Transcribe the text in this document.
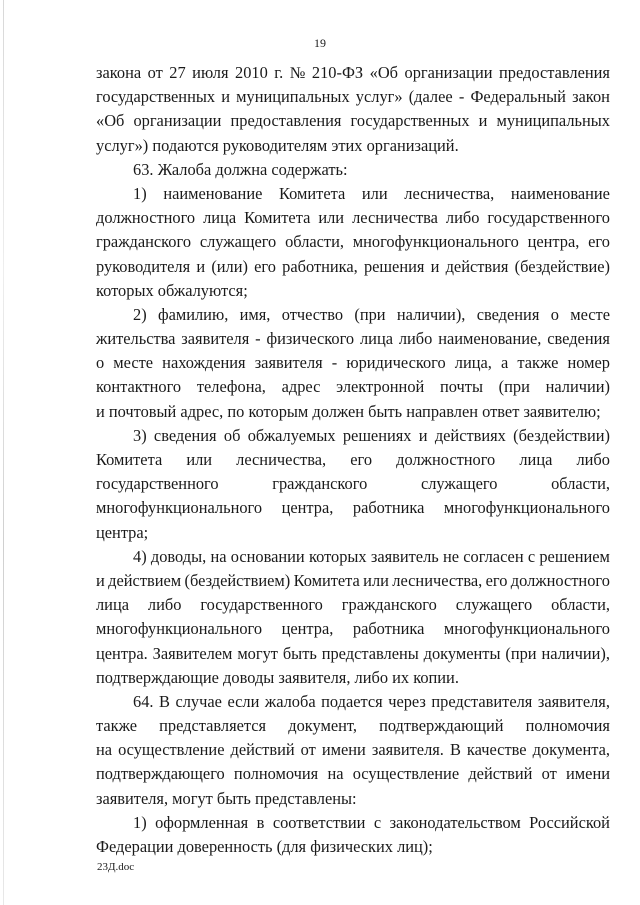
19
закона от 27 июля 2010 г. № 210-ФЗ «Об организации предоставления
государственных и муниципальных услуг» (далее - Федеральный закон
«Об организации предоставления государственных и муниципальных
услуг») подаются руководителям этих организаций.
63. Жалоба должна содержать:
1) наименование Комитета или лесничества, наименование
должностного лица Комитета или лесничества либо государственного
гражданского служащего области, многофункционального центра, его
руководителя и (или) его работника, решения и действия (бездействие)
которых обжалуются;
2) фамилию, имя, отчество (при наличии), сведения о месте
жительства заявителя - физического лица либо наименование, сведения
о месте нахождения заявителя - юридического лица, а также номер
контактного телефона, адрес электронной почты (при наличии)
и почтовый адрес, по которым должен быть направлен ответ заявителю;
3) сведения об обжалуемых решениях и действиях (бездействии)
Комитета или лесничества, его должностного лица либо
государственного	гражданского	служащего	области,
многофункционального центра, работника многофункционального
центра;
4) доводы, на основании которых заявитель не согласен с решением
и действием (бездействием) Комитета или лесничества, его должностного
лица либо государственного гражданского служащего области,
многофункционального центра, работника многофункционального
центра. Заявителем могут быть представлены документы (при наличии),
подтверждающие доводы заявителя, либо их копии.
64. В случае если жалоба подается через представителя заявителя,
также представляется документ, подтверждающий полномочия
на осуществление действий от имени заявителя. В качестве документа,
подтверждающего полномочия на осуществление действий от имени
заявителя, могут быть представлены:
1) оформленная в соответствии с законодательством Российской
Федерации доверенность (для физических лиц);
23Д.doc
